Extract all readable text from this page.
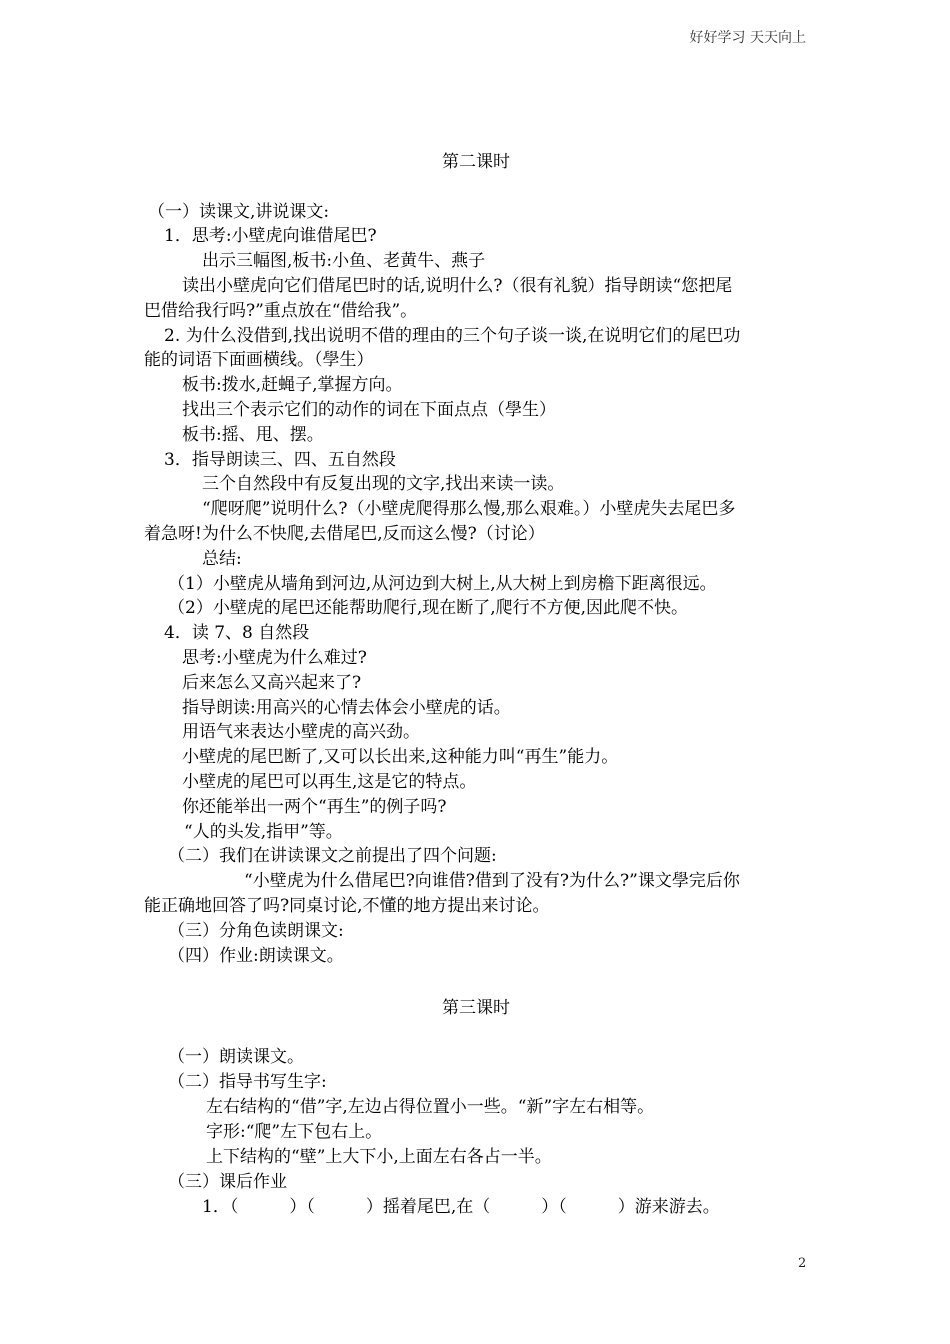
好好学习 天天向上
第二课时
（一）读课文,讲说课文:
1．思考:小壁虎向谁借尾巴?
出示三幅图,板书:小鱼、老黄牛、燕子
读出小壁虎向它们借尾巴时的话,说明什么?（很有礼貌）指导朗读“您把尾
巴借给我行吗?”重点放在“借给我”。
2. 为什么没借到,找出说明不借的理由的三个句子谈一谈,在说明它们的尾巴功
能的词语下面画横线。（學生）
板书:拨水,赶蝇子,掌握方向。
找出三个表示它们的动作的词在下面点点（學生）
板书:摇、甩、摆。
3．指导朗读三、四、五自然段
三个自然段中有反复出现的文字,找出来读一读。
“爬呀爬”说明什么?（小壁虎爬得那么慢,那么艰难。）小壁虎失去尾巴多
着急呀!为什么不快爬,去借尾巴,反而这么慢?（讨论）
总结:
（1）小壁虎从墙角到河边,从河边到大树上,从大树上到房檐下距离很远。
（2）小壁虎的尾巴还能帮助爬行,现在断了,爬行不方便,因此爬不快。
4．读 7、8 自然段
思考:小壁虎为什么难过?
后来怎么又高兴起来了?
指导朗读:用高兴的心情去体会小壁虎的话。
用语气来表达小壁虎的高兴劲。
小壁虎的尾巴断了,又可以长出来,这种能力叫“再生”能力。
小壁虎的尾巴可以再生,这是它的特点。
你还能举出一两个“再生”的例子吗?
“人的头发,指甲”等。
（二）我们在讲读课文之前提出了四个问题:
“小壁虎为什么借尾巴?向谁借?借到了没有?为什么?”课文學完后你
能正确地回答了吗?同桌讨论,不懂的地方提出来讨论。
（三）分角色读朗课文:
（四）作业:朗读课文。
第三课时
（一）朗读课文。
（二）指导书写生字:
左右结构的“借”字,左边占得位置小一些。“新”字左右相等。
字形:“爬”左下包右上。
上下结构的“壁”上大下小,上面左右各占一半。
（三）课后作业
1．（　　　）（　　　）摇着尾巴,在（　　　）（　　　）游来游去。
2
